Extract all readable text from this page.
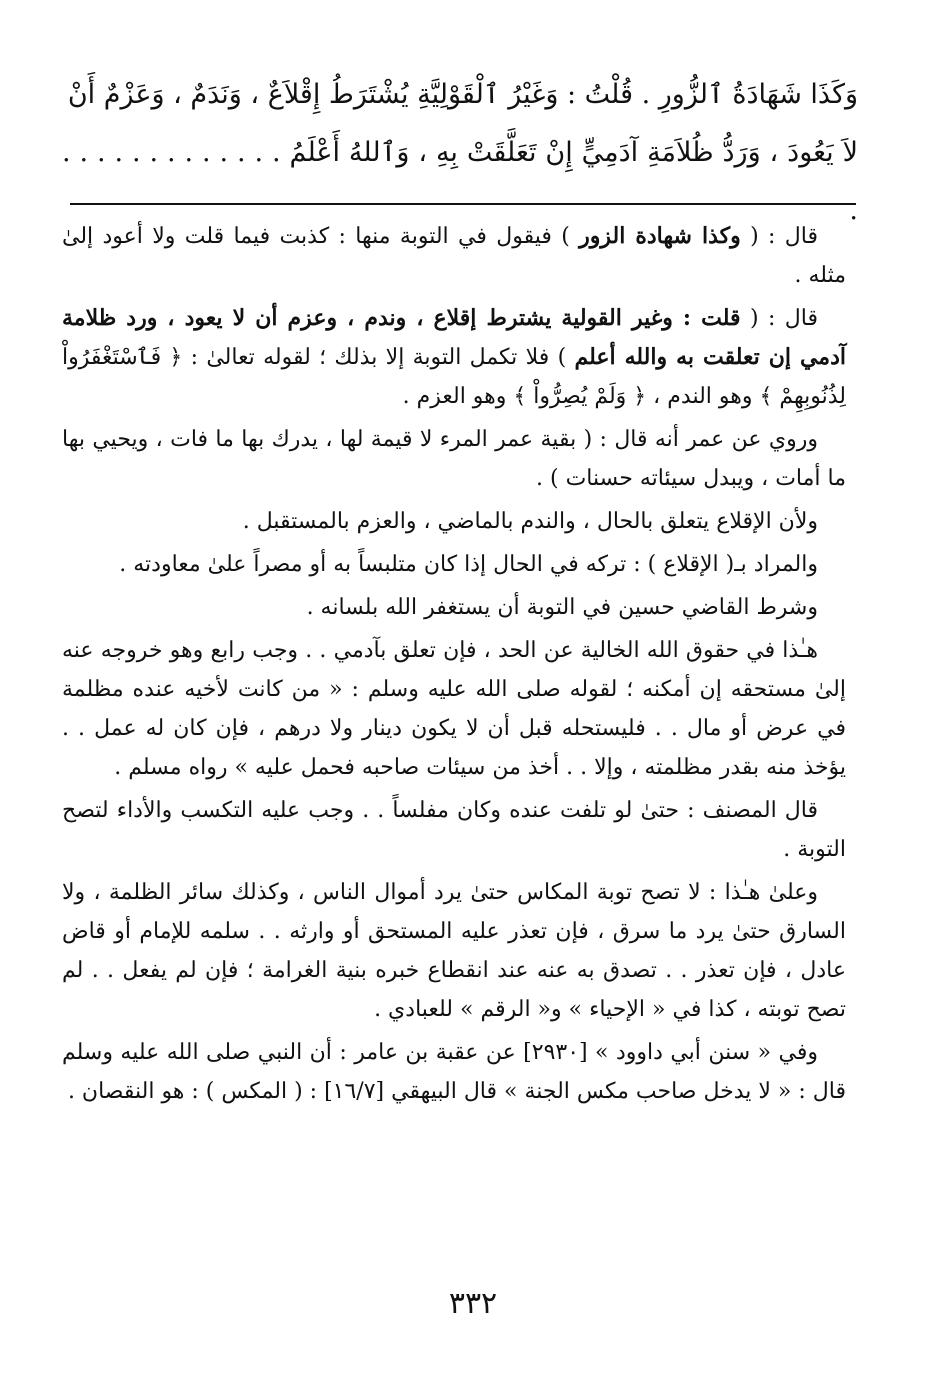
وَكَذَا شَهَادَةُ ٱلزُّورِ . قُلْتُ : وَغَيْرُ ٱلْقَوْلِيَّةِ يُشْتَرَطُ إِقْلاَعٌ ، وَنَدَمٌ ، وَعَزْمٌ أَنْ

لاَ يَعُودَ ، وَرَدُّ ظُلاَمَةِ آدَمِيٍّ إِنْ تَعَلَّقَتْ بِهِ ، وَٱللهُ أَعْلَمُ . . . . . . . . . . . . . .

قال : ( وكذا شهادة الزور ) فيقول في التوبة منها : كذبت فيما قلت ولا أعود إلىٰ مثله .

قال : ( قلت : وغير القولية يشترط إقلاع ، وندم ، وعزم أن لا يعود ، ورد ظلامة آدمي إن تعلقت به والله أعلم ) فلا تكمل التوبة إلا بذلك ؛ لقوله تعالىٰ : ﴿ فَٱسْتَغْفَرُواْ لِذُنُوبِهِمْ ﴾ وهو الندم ، ﴿ وَلَمْ يُصِرُّواْ ﴾ وهو العزم .

وروي عن عمر أنه قال : ( بقية عمر المرء لا قيمة لها ، يدرك بها ما فات ، ويحيي بها ما أمات ، ويبدل سيئاته حسنات ) .

ولأن الإقلاع يتعلق بالحال ، والندم بالماضي ، والعزم بالمستقبل .

والمراد بـ( الإقلاع ) : تركه في الحال إذا كان متلبساً به أو مصراً علىٰ معاودته .

وشرط القاضي حسين في التوبة أن يستغفر الله بلسانه .

هـٰذا في حقوق الله الخالية عن الحد ، فإن تعلق بآدمي . . وجب رابع وهو خروجه عنه إلىٰ مستحقه إن أمكنه ؛ لقوله صلى الله عليه وسلم : « من كانت لأخيه عنده مظلمة في عرض أو مال . . فليستحله قبل أن لا يكون دينار ولا درهم ، فإن كان له عمل . . يؤخذ منه بقدر مظلمته ، وإلا . . أخذ من سيئات صاحبه فحمل عليه » رواه مسلم .

قال المصنف : حتىٰ لو تلفت عنده وكان مفلساً . . وجب عليه التكسب والأداء لتصح التوبة .

وعلىٰ هـٰذا : لا تصح توبة المكاس حتىٰ يرد أموال الناس ، وكذلك سائر الظلمة ، ولا السارق حتىٰ يرد ما سرق ، فإن تعذر عليه المستحق أو وارثه . . سلمه للإمام أو قاض عادل ، فإن تعذر . . تصدق به عنه عند انقطاع خبره بنية الغرامة ؛ فإن لم يفعل . . لم تصح توبته ، كذا في « الإحياء » و« الرقم » للعبادي .

وفي « سنن أبي داوود » [٢٩٣٠] عن عقبة بن عامر : أن النبي صلى الله عليه وسلم قال : « لا يدخل صاحب مكس الجنة » قال البيهقي [١٦/٧] : ( المكس ) : هو النقصان .

٣٣٢
